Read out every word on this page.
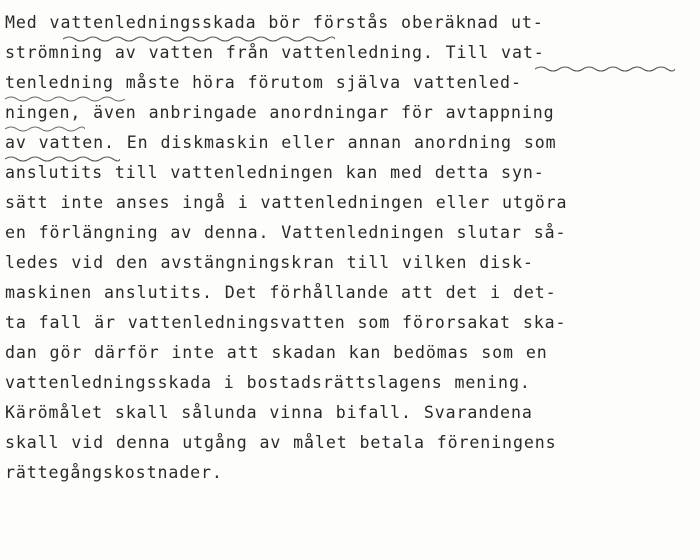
Med vattenledningsskada bör förstås oberäknad ut-
strömning av vatten från vattenledning. Till vat-
tenledning måste höra förutom själva vattenled-
ningen, även anbringade anordningar för avtappning
av vatten. En diskmaskin eller annan anordning som
anslutits till vattenledningen kan med detta syn-
sätt inte anses ingå i vattenledningen eller utgöra
en förlängning av denna. Vattenledningen slutar så-
ledes vid den avstängningskran till vilken disk-
maskinen anslutits. Det förhållande att det i det-
ta fall är vattenledningsvatten som förorsakat ska-
dan gör därför inte att skadan kan bedömas som en
vattenledningsskada i bostadsrättslagens mening.
Kärömålet skall sålunda vinna bifall. Svarandena
skall vid denna utgång av målet betala föreningens
rättegångskostnader.
